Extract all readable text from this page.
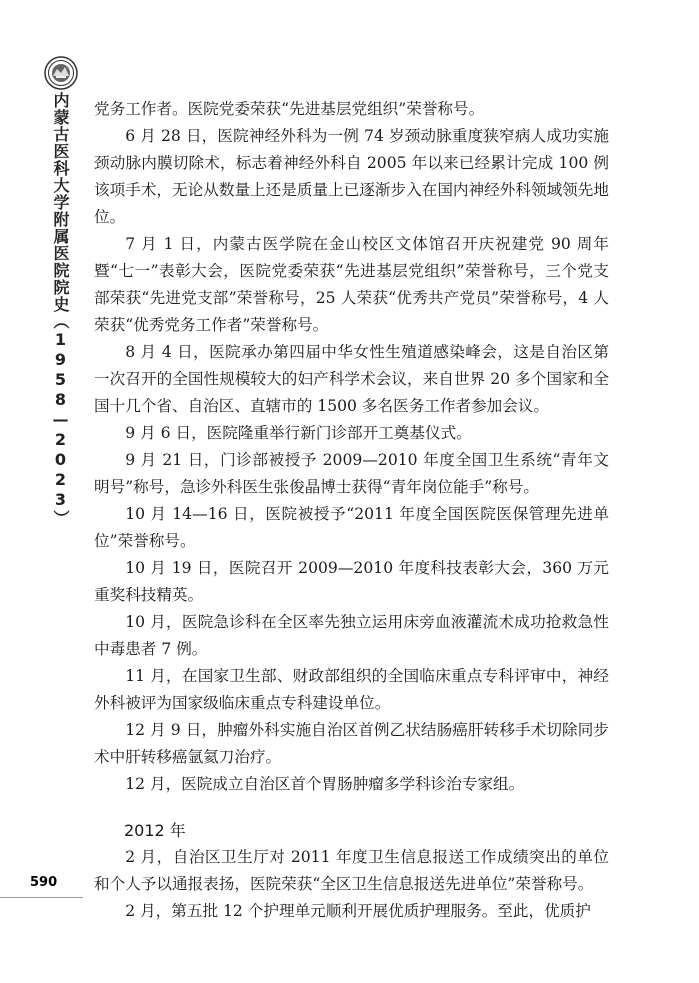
内蒙古医科大学附属医院院史（1958—2023）
590

党务工作者。医院党委荣获“先进基层党组织”荣誉称号。

6 月 28 日，医院神经外科为一例 74 岁颈动脉重度狭窄病人成功实施颈动脉内膜切除术，标志着神经外科自 2005 年以来已经累计完成 100 例该项手术，无论从数量上还是质量上已逐渐步入在国内神经外科领域领先地位。

7 月 1 日，内蒙古医学院在金山校区文体馆召开庆祝建党 90 周年暨“七一”表彰大会，医院党委荣获“先进基层党组织”荣誉称号，三个党支部荣获“先进党支部”荣誉称号，25 人荣获“优秀共产党员”荣誉称号，4 人荣获“优秀党务工作者”荣誉称号。

8 月 4 日，医院承办第四届中华女性生殖道感染峰会，这是自治区第一次召开的全国性规模较大的妇产科学术会议，来自世界 20 多个国家和全国十几个省、自治区、直辖市的 1500 多名医务工作者参加会议。

9 月 6 日，医院隆重举行新门诊部开工奠基仪式。

9 月 21 日，门诊部被授予 2009—2010 年度全国卫生系统“青年文明号”称号，急诊外科医生张俊晶博士获得“青年岗位能手”称号。

10 月 14—16 日，医院被授予“2011 年度全国医院医保管理先进单位”荣誉称号。

10 月 19 日，医院召开 2009—2010 年度科技表彰大会，360 万元重奖科技精英。

10 月，医院急诊科在全区率先独立运用床旁血液灌流术成功抢救急性中毒患者 7 例。

11 月，在国家卫生部、财政部组织的全国临床重点专科评审中，神经外科被评为国家级临床重点专科建设单位。

12 月 9 日，肿瘤外科实施自治区首例乙状结肠癌肝转移手术切除同步术中肝转移癌氩氦刀治疗。

12 月，医院成立自治区首个胃肠肿瘤多学科诊治专家组。

2012 年

2 月，自治区卫生厅对 2011 年度卫生信息报送工作成绩突出的单位和个人予以通报表扬，医院荣获“全区卫生信息报送先进单位”荣誉称号。

2 月，第五批 12 个护理单元顺利开展优质护理服务。至此，优质护
